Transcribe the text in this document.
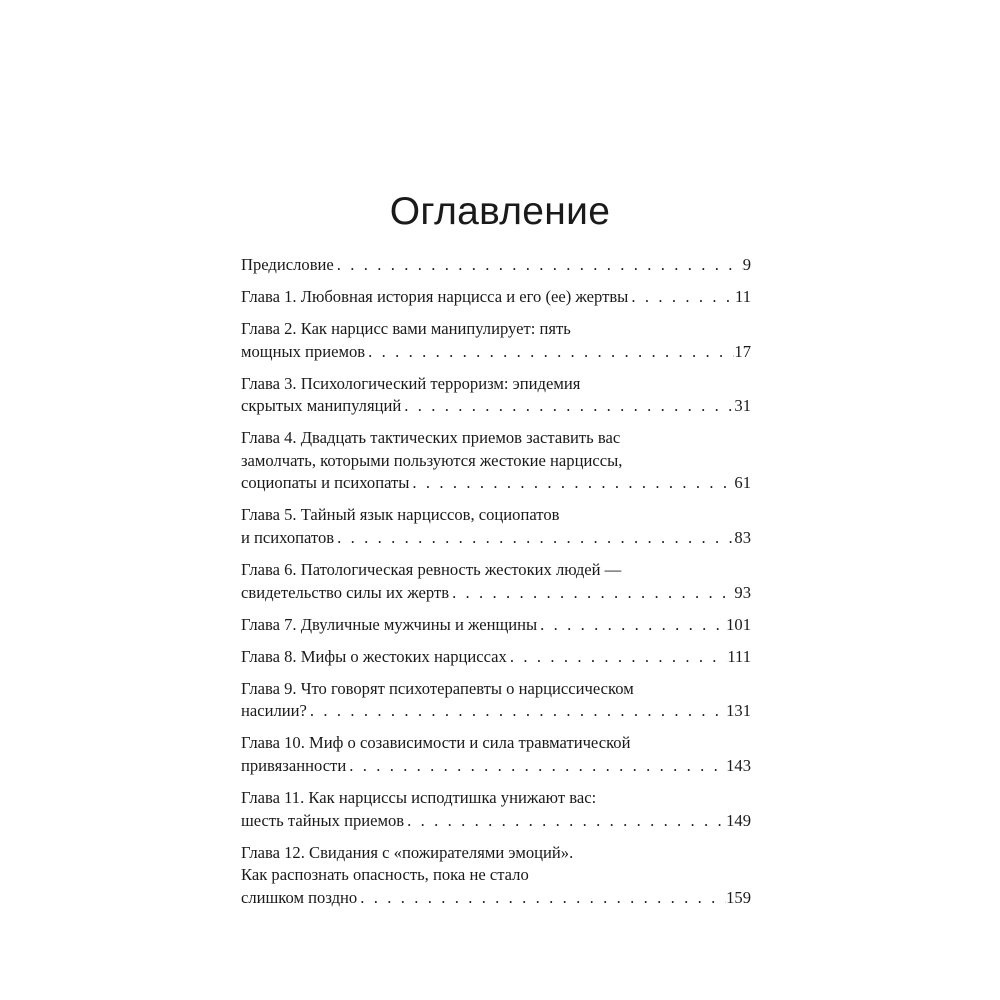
Оглавление
Предисловие . . .	9
Глава 1. Любовная история нарцисса и его (ее) жертвы . . .	11
Глава 2. Как нарцисс вами манипулирует: пять
мощных приемов . . .	17
Глава 3. Психологический терроризм: эпидемия
скрытых манипуляций . . .	31
Глава 4. Двадцать тактических приемов заставить вас
замолчать, которыми пользуются жестокие нарциссы,
социопаты и психопаты . . .	61
Глава 5. Тайный язык нарциссов, социопатов
и психопатов . . .	83
Глава 6. Патологическая ревность жестоких людей —
свидетельство силы их жертв . . .	93
Глава 7. Двуличные мужчины и женщины . . .	101
Глава 8. Мифы о жестоких нарциссах . . .	111
Глава 9. Что говорят психотерапевты о нарциссическом
насилии? . . .	131
Глава 10. Миф о созависимости и сила травматической
привязанности . . .	143
Глава 11. Как нарциссы исподтишка унижают вас:
шесть тайных приемов . . .	149
Глава 12. Свидания с «пожирателями эмоций».
Как распознать опасность, пока не стало
слишком поздно . . .	159
